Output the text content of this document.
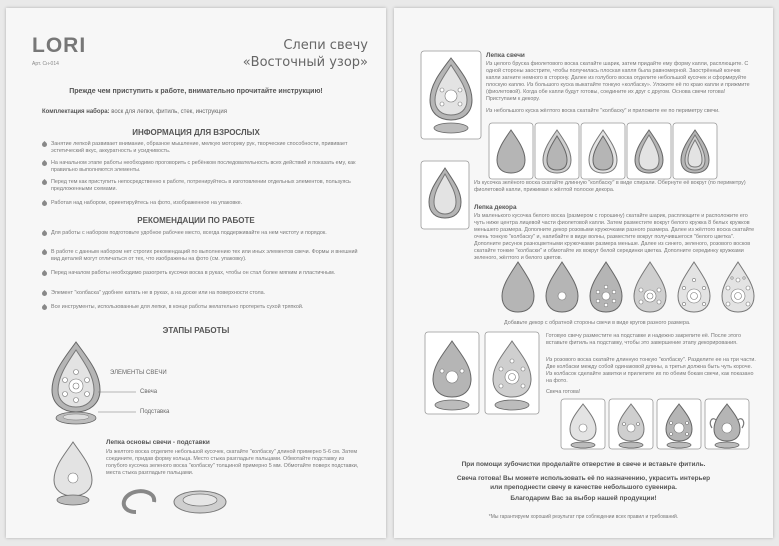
LORI
Арт. Сн-014
Слепи свечу
«Восточный узор»
Прежде чем приступить к работе, внимательно прочитайте инструкцию!
Комплектация набора: воск для лепки, фитиль, стек, инструкция
ИНФОРМАЦИЯ ДЛЯ ВЗРОСЛЫХ
Занятие лепкой развивает внимание, образное мышление, мелкую моторику рук, творческие способности, прививает эстетический вкус, аккуратность и усидчивость.
На начальном этапе работы необходимо проговорить с ребёнком последовательность всех действий и показать ему, как правильно выполняются элементы.
Перед тем как приступить непосредственно к работе, потренируйтесь в изготовлении отдельных элементов, пользуясь предложенными схемами.
Работая над набором, ориентируйтесь на фото, изображенное на упаковке.
РЕКОМЕНДАЦИИ ПО РАБОТЕ
Для работы с набором подготовьте удобное рабочее место, всегда поддерживайте на нем чистоту и порядок.
В работе с данным набором нет строгих рекомендаций по выполнению тех или иных элементов свечи. Формы и внешний вид деталей могут отличаться от тех, что изображены на фото (см. упаковку).
Перед началом работы необходимо разогреть кусочки воска в руках, чтобы он стал более мягким и пластичным.
Элемент "колбаска" удобнее катать не в руках, а на доске или на поверхности стола.
Все инструменты, использованные для лепки, в конце работы желательно протереть сухой тряпкой.
ЭТАПЫ РАБОТЫ
ЭЛЕМЕНТЫ СВЕЧИ
Свеча
Подставка
Лепка основы свечи - подставки
Из желтого воска отделите небольшой кусочек, скатайте "колбаску" длиной примерно 5-6 см. Затем соедините, придав форму кольца. Место стыка разгладьте пальцами. Обмотайте подставку из голубого кусочка зеленого воска "колбаску" толщиной примерно 5 мм. Обмотайте поверх подставки, места стыка разгладьте пальцами.
Лепка свечи
Из целого бруска фиолетового воска скатайте шарик, затем придайте ему форму капли, расплющите. С одной стороны заострите, чтобы получилась плоская капля была равномерной. Заострённый кончик капли загните немного в сторону. Далее из голубого воска отделите небольшой кусочек и сформируйте плоскую каплю. Из большого куска выкатайте тонкую «колбаску». Уложите её по краю капли и прижмите (фиолетовой). Когда обе капли будут готовы, соедините их друг с другом. Основа свечи готова! Приступаем к декору.
Из небольшого куска жёлтого воска скатайте "колбаску" и приложите ее по периметру свечи.
Из кусочка зелёного воска скатайте длинную "колбаску" в виде спирали. Обернуте её вокруг (по периметру) фиолетовой капли, прижимая к жёлтой полоске декора.
Лепка декора
Из маленького кусочка белого воска (размером с горошину) скатайте шарик, расплющите и расположите его чуть ниже центра лицевой части фиолетовой капли. Затем разместите вокруг белого кружка 8 белых кружков меньшего размера. Дополните декор розовыми кружочками разного размера. Далее из жёлтого воска скатайте очень тонкую "колбаску" и, напибайте в виде волны, разместите вокруг получившегося "белого цветка". Дополните рисунок разноцветными кружочками размера меньше. Далее из синего, зеленого, розового восков скатайте тонкие "колбаски" и обмотайте их вокруг белой серединки цветка. Дополните серединку кружками зеленого, жёлтого и белого цветов.
Добавьте декор с обратной стороны свечи в виде кругов разного размера.
Готовую свечу разместите на подставке и надежно закрепите её. После этого вставьте фитиль на подставку, чтобы это завершение этапу декорирования.
Из розового воска скатайте длинную тонкую "колбаску". Разделите ее на три части. Две колбаски между собой одинаковой длины, а третья должна быть чуть короче. Из колбасок сделайте завитки и прилепите их по обеим бокам свечи, как показано на фото.
Свеча готова!
При помощи зубочистки проделайте отверстие в свече и вставьте фитиль.
Свеча готова! Вы можете использовать её по назначению, украсить интерьер
или преподнести свечу в качестве небольшого сувенира.
Благодарим Вас за выбор нашей продукции!
*Мы гарантируем хороший результат при соблюдении всех правил и требований.
